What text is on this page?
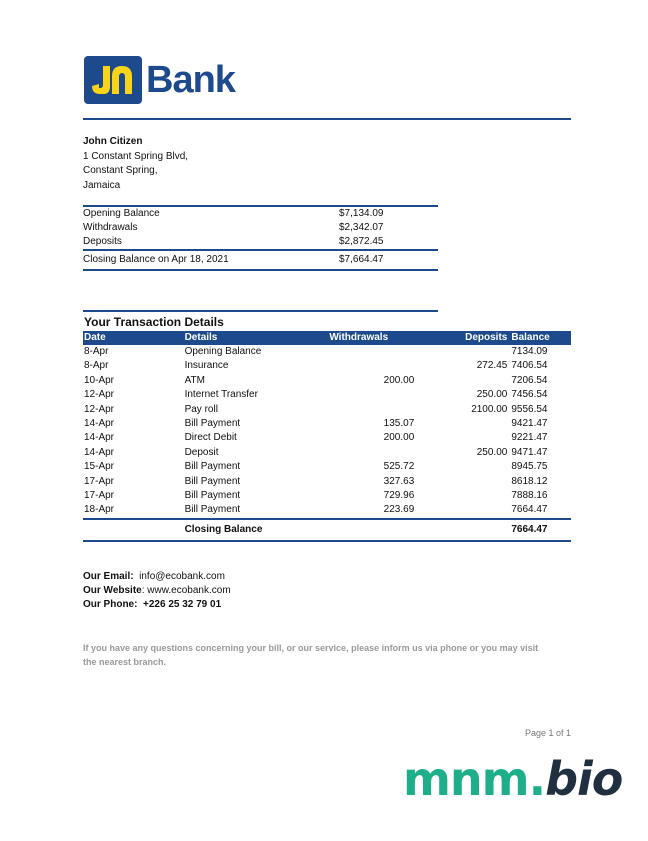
Bank
John Citizen
1 Constant Spring Blvd,
Constant Spring,
Jamaica
Opening Balance	$7,134.09
Withdrawals	$2,342.07
Deposits	$2,872.45
Closing Balance on Apr 18, 2021	$7,664.47
Your Transaction Details
Date	Details	Withdrawals	Deposits	Balance
8-Apr	Opening Balance			7134.09
8-Apr	Insurance		272.45	7406.54
10-Apr	ATM	200.00		7206.54
12-Apr	Internet Transfer		250.00	7456.54
12-Apr	Pay roll		2100.00	9556.54
14-Apr	Bill Payment	135.07		9421.47
14-Apr	Direct Debit	200.00		9221.47
14-Apr	Deposit		250.00	9471.47
15-Apr	Bill Payment	525.72		8945.75
17-Apr	Bill Payment	327.63		8618.12
17-Apr	Bill Payment	729.96		7888.16
18-Apr	Bill Payment	223.69		7664.47
	Closing Balance			7664.47
Our Email: info@ecobank.com
Our Website: www.ecobank.com
Our Phone: +226 25 32 79 01
If you have any questions concerning your bill, or our service, please inform us via phone or you may visit the nearest branch.
Page 1 of 1
mnm.bio
